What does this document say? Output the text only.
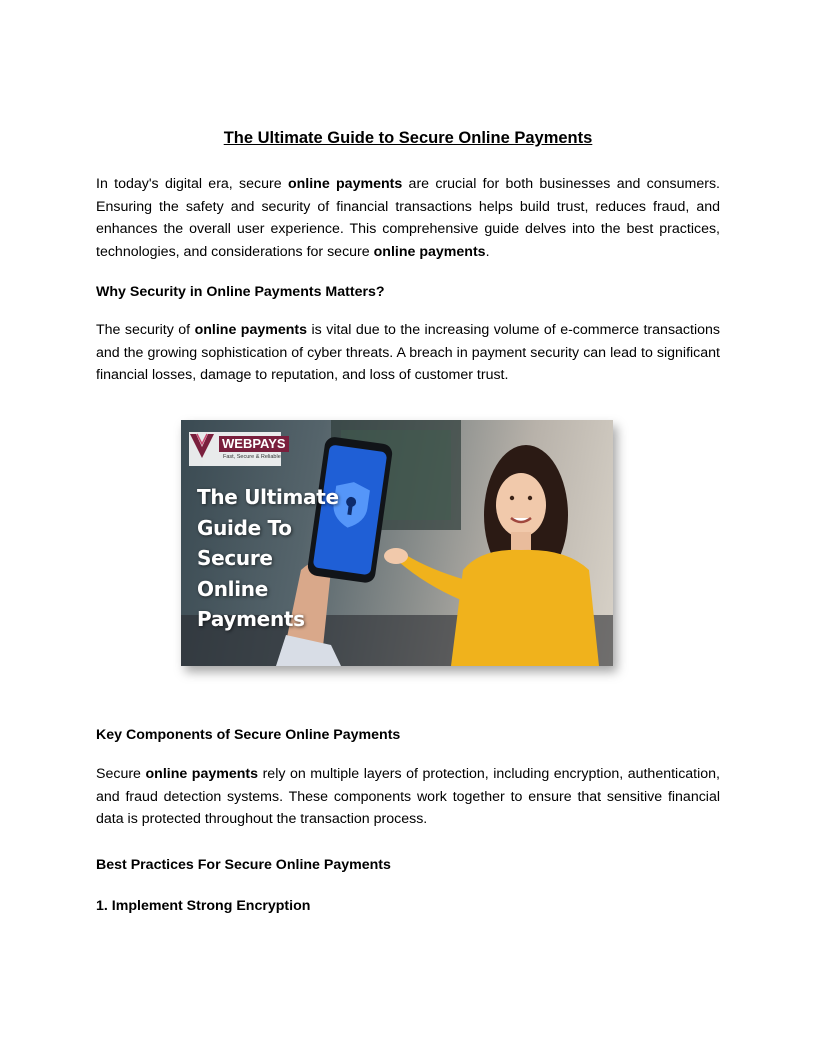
The Ultimate Guide to Secure Online Payments

In today's digital era, secure online payments are crucial for both businesses and consumers. Ensuring the safety and security of financial transactions helps build trust, reduces fraud, and enhances the overall user experience. This comprehensive guide delves into the best practices, technologies, and considerations for secure online payments.

Why Security in Online Payments Matters?

The security of online payments is vital due to the increasing volume of e-commerce transactions and the growing sophistication of cyber threats. A breach in payment security can lead to significant financial losses, damage to reputation, and loss of customer trust.

Key Components of Secure Online Payments

Secure online payments rely on multiple layers of protection, including encryption, authentication, and fraud detection systems. These components work together to ensure that sensitive financial data is protected throughout the transaction process.

Best Practices For Secure Online Payments
1. Implement Strong Encryption
WEBPAYS
Fast, Secure & Reliable
The Ultimate
Guide To
Secure
Online
Payments
